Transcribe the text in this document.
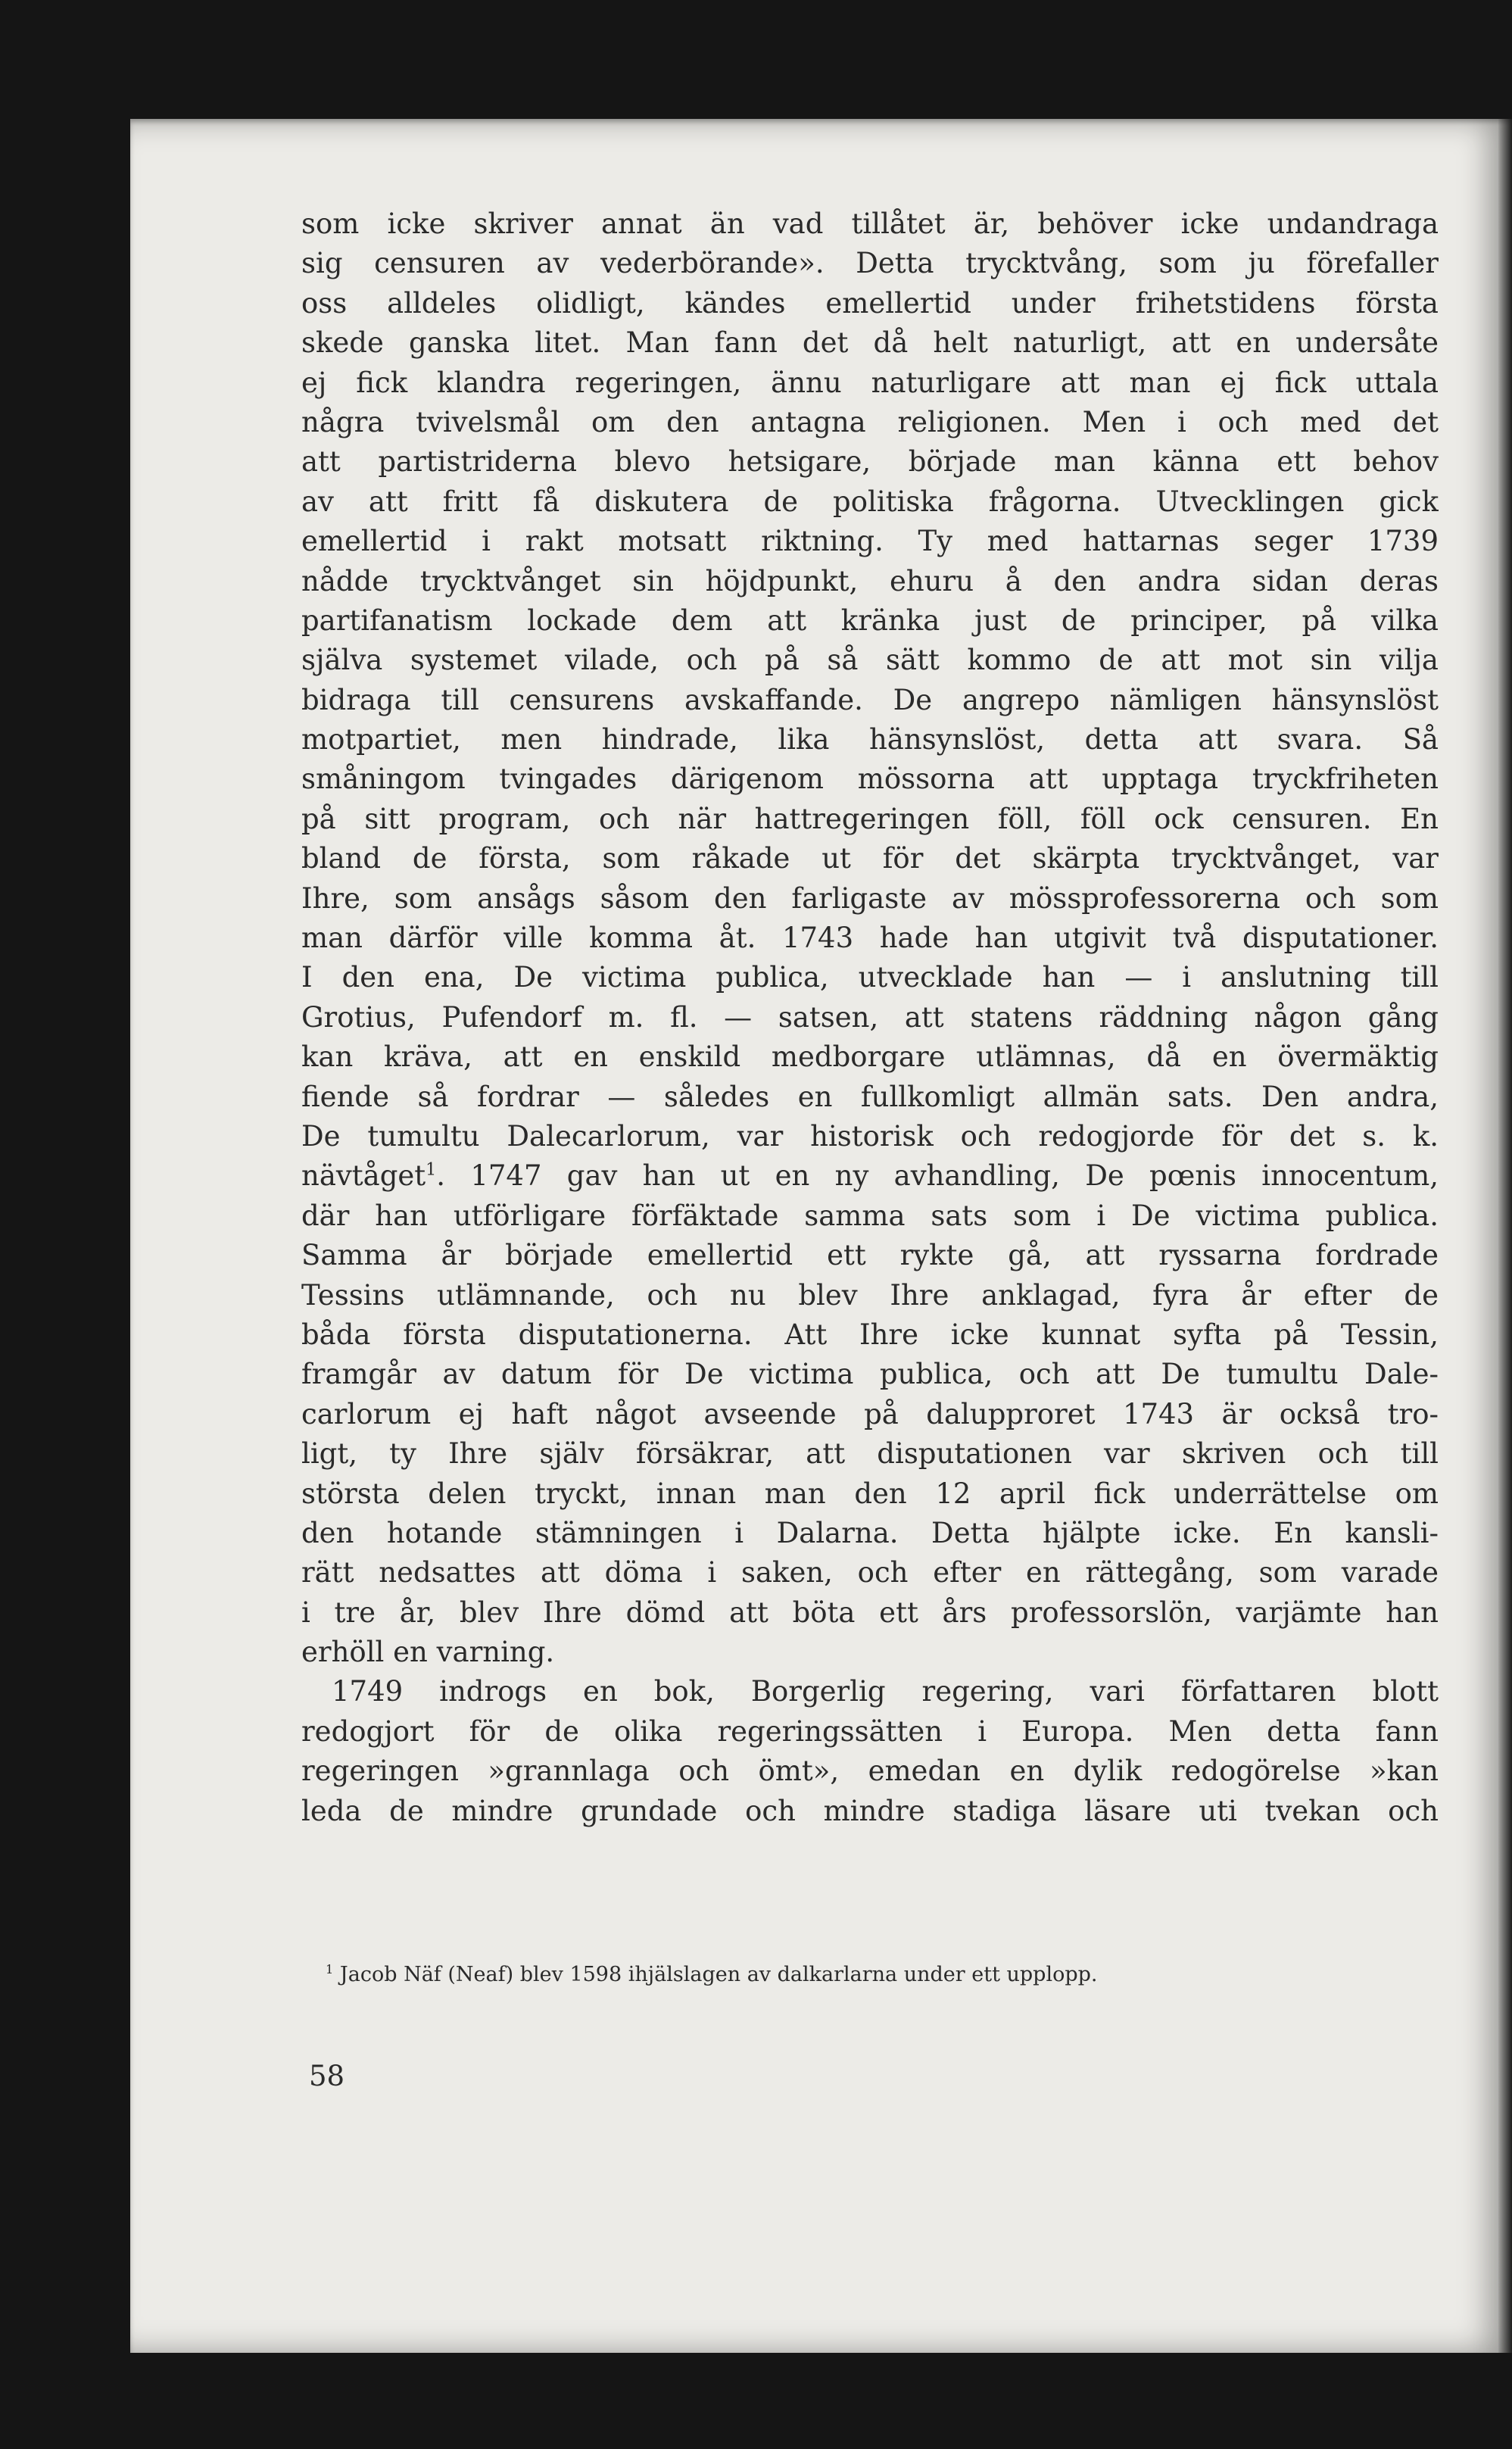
som icke skriver annat än vad tillåtet är, behöver icke undandraga
sig censuren av vederbörande». Detta trycktvång, som ju förefaller
oss alldeles olidligt, kändes emellertid under frihetstidens första
skede ganska litet. Man fann det då helt naturligt, att en undersåte
ej fick klandra regeringen, ännu naturligare att man ej fick uttala
några tvivelsmål om den antagna religionen. Men i och med det
att partistriderna blevo hetsigare, började man känna ett behov
av att fritt få diskutera de politiska frågorna. Utvecklingen gick
emellertid i rakt motsatt riktning. Ty med hattarnas seger 1739
nådde trycktvånget sin höjdpunkt, ehuru å den andra sidan deras
partifanatism lockade dem att kränka just de principer, på vilka
själva systemet vilade, och på så sätt kommo de att mot sin vilja
bidraga till censurens avskaffande. De angrepo nämligen hänsynslöst
motpartiet, men hindrade, lika hänsynslöst, detta att svara. Så
småningom tvingades därigenom mössorna att upptaga tryckfriheten
på sitt program, och när hattregeringen föll, föll ock censuren. En
bland de första, som råkade ut för det skärpta trycktvånget, var
Ihre, som ansågs såsom den farligaste av mössprofessorerna och som
man därför ville komma åt. 1743 hade han utgivit två disputationer.
I den ena, De victima publica, utvecklade han — i anslutning till
Grotius, Pufendorf m. fl. — satsen, att statens räddning någon gång
kan kräva, att en enskild medborgare utlämnas, då en övermäktig
fiende så fordrar — således en fullkomligt allmän sats. Den andra,
De tumultu Dalecarlorum, var historisk och redogjorde för det s. k.
nävtåget$^1$. 1747 gav han ut en ny avhandling, De pœnis innocentum,
där han utförligare förfäktade samma sats som i De victima publica.
Samma år började emellertid ett rykte gå, att ryssarna fordrade
Tessins utlämnande, och nu blev Ihre anklagad, fyra år efter de
båda första disputationerna. Att Ihre icke kunnat syfta på Tessin,
framgår av datum för De victima publica, och att De tumultu Dale-
carlorum ej haft något avseende på dalupproret 1743 är också tro-
ligt, ty Ihre själv försäkrar, att disputationen var skriven och till
största delen tryckt, innan man den 12 april fick underrättelse om
den hotande stämningen i Dalarna. Detta hjälpte icke. En kansli-
rätt nedsattes att döma i saken, och efter en rättegång, som varade
i tre år, blev Ihre dömd att böta ett års professorslön, varjämte han
erhöll en varning.
1749 indrogs en bok, Borgerlig regering, vari författaren blott
redogjort för de olika regeringssätten i Europa. Men detta fann
regeringen »grannlaga och ömt», emedan en dylik redogörelse »kan
leda de mindre grundade och mindre stadiga läsare uti tvekan och
$^1$ Jacob Näf (Neaf) blev 1598 ihjälslagen av dalkarlarna under ett upplopp.
58
